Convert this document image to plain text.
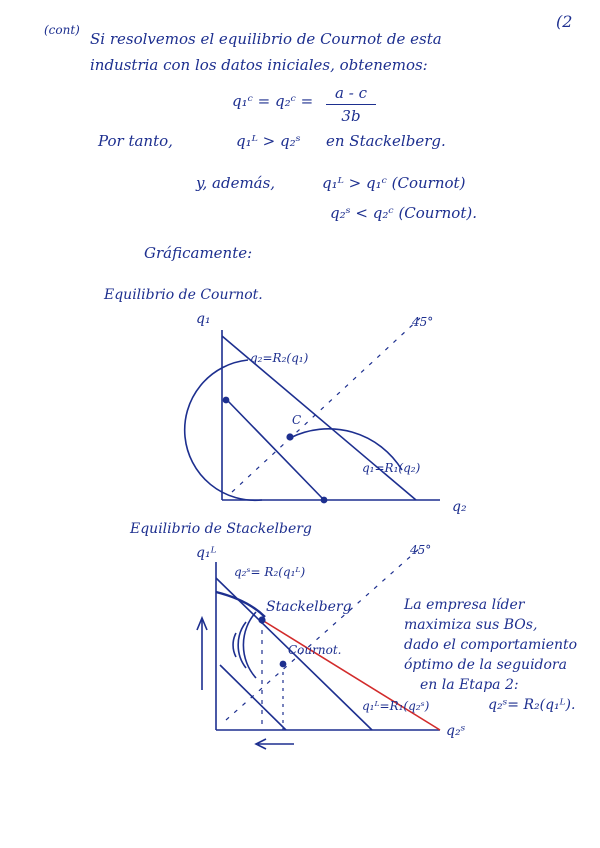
(cont)	(2
Si resolvemos el equilibrio de Cournot de esta
industria con los datos iniciales, obtenemos:
q₁ᶜ = q₂ᶜ = $\frac{a - c}{3b}$
Por tanto,	q₁ᴸ > q₂ˢ en Stackelberg.
y, además,	q₁ᴸ > q₁ᶜ (Cournot)
q₂ˢ < q₂ᶜ (Cournot).
Gráficamente:
Equilibrio de Cournot.
q₁
q₂
45°
q₂=R₂(q₁)
C
q₁=R₁(q₂)
Equilibrio de Stackelberg
q₁ᴸ
q₂ˢ
45°
q₂ˢ= R₂(q₁ᴸ)
Stackelberg
Cournot.
q₁ᴸ=R₁(q₂ˢ)
La empresa líder
maximiza sus BOs,
dado el comportamiento
óptimo de la seguidora
en la Etapa 2:
q₂ˢ= R₂(q₁ᴸ).
